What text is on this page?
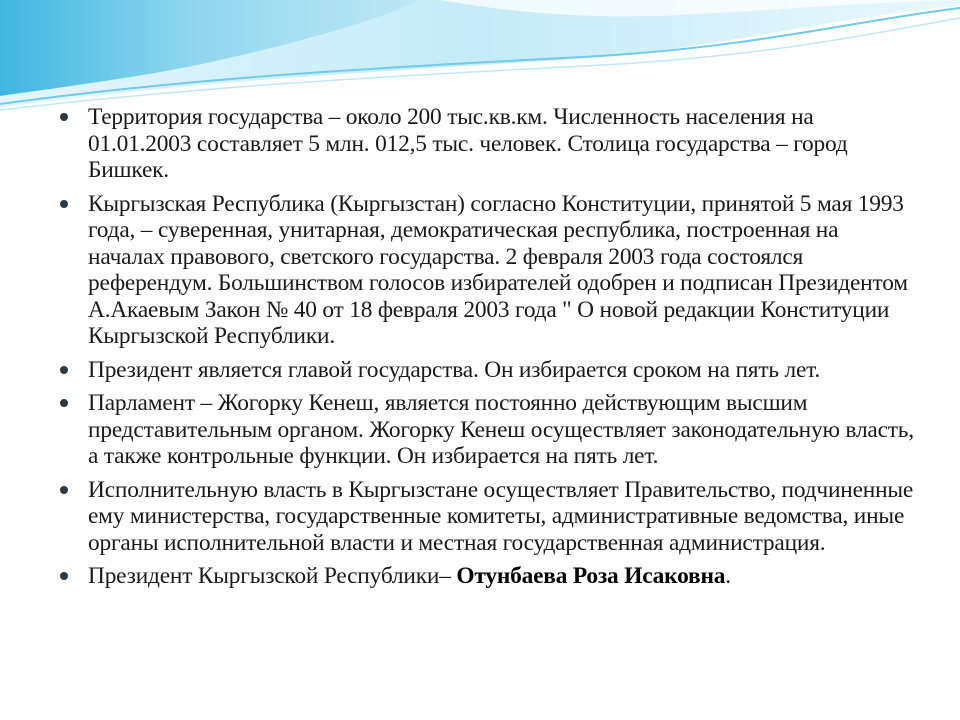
Территория государства – около 200 тыс.кв.км. Численность населения на 01.01.2003 составляет 5 млн. 012,5 тыс. человек. Столица государства – город Бишкек.
Кыргызская Республика (Кыргызстан) согласно Конституции, принятой 5 мая 1993 года, – суверенная, унитарная, демократическая республика, построенная на началах правового, светского государства. 2 февраля 2003 года состоялся референдум. Большинством голосов избирателей одобрен и подписан Президентом А.Акаевым Закон № 40 от 18 февраля 2003 года " О новой редакции Конституции Кыргызской Республики.
Президент является главой государства. Он избирается сроком на пять лет.
Парламент – Жогорку Кенеш, является постоянно действующим высшим представительным органом. Жогорку Кенеш осуществляет законодательную власть, а также контрольные функции. Он избирается на пять лет.
Исполнительную власть в Кыргызстане осуществляет Правительство, подчиненные ему министерства, государственные комитеты, административные ведомства, иные органы исполнительной власти и местная государственная администрация.
Президент Кыргызской Республики– Отунбаева Роза Исаковна.
